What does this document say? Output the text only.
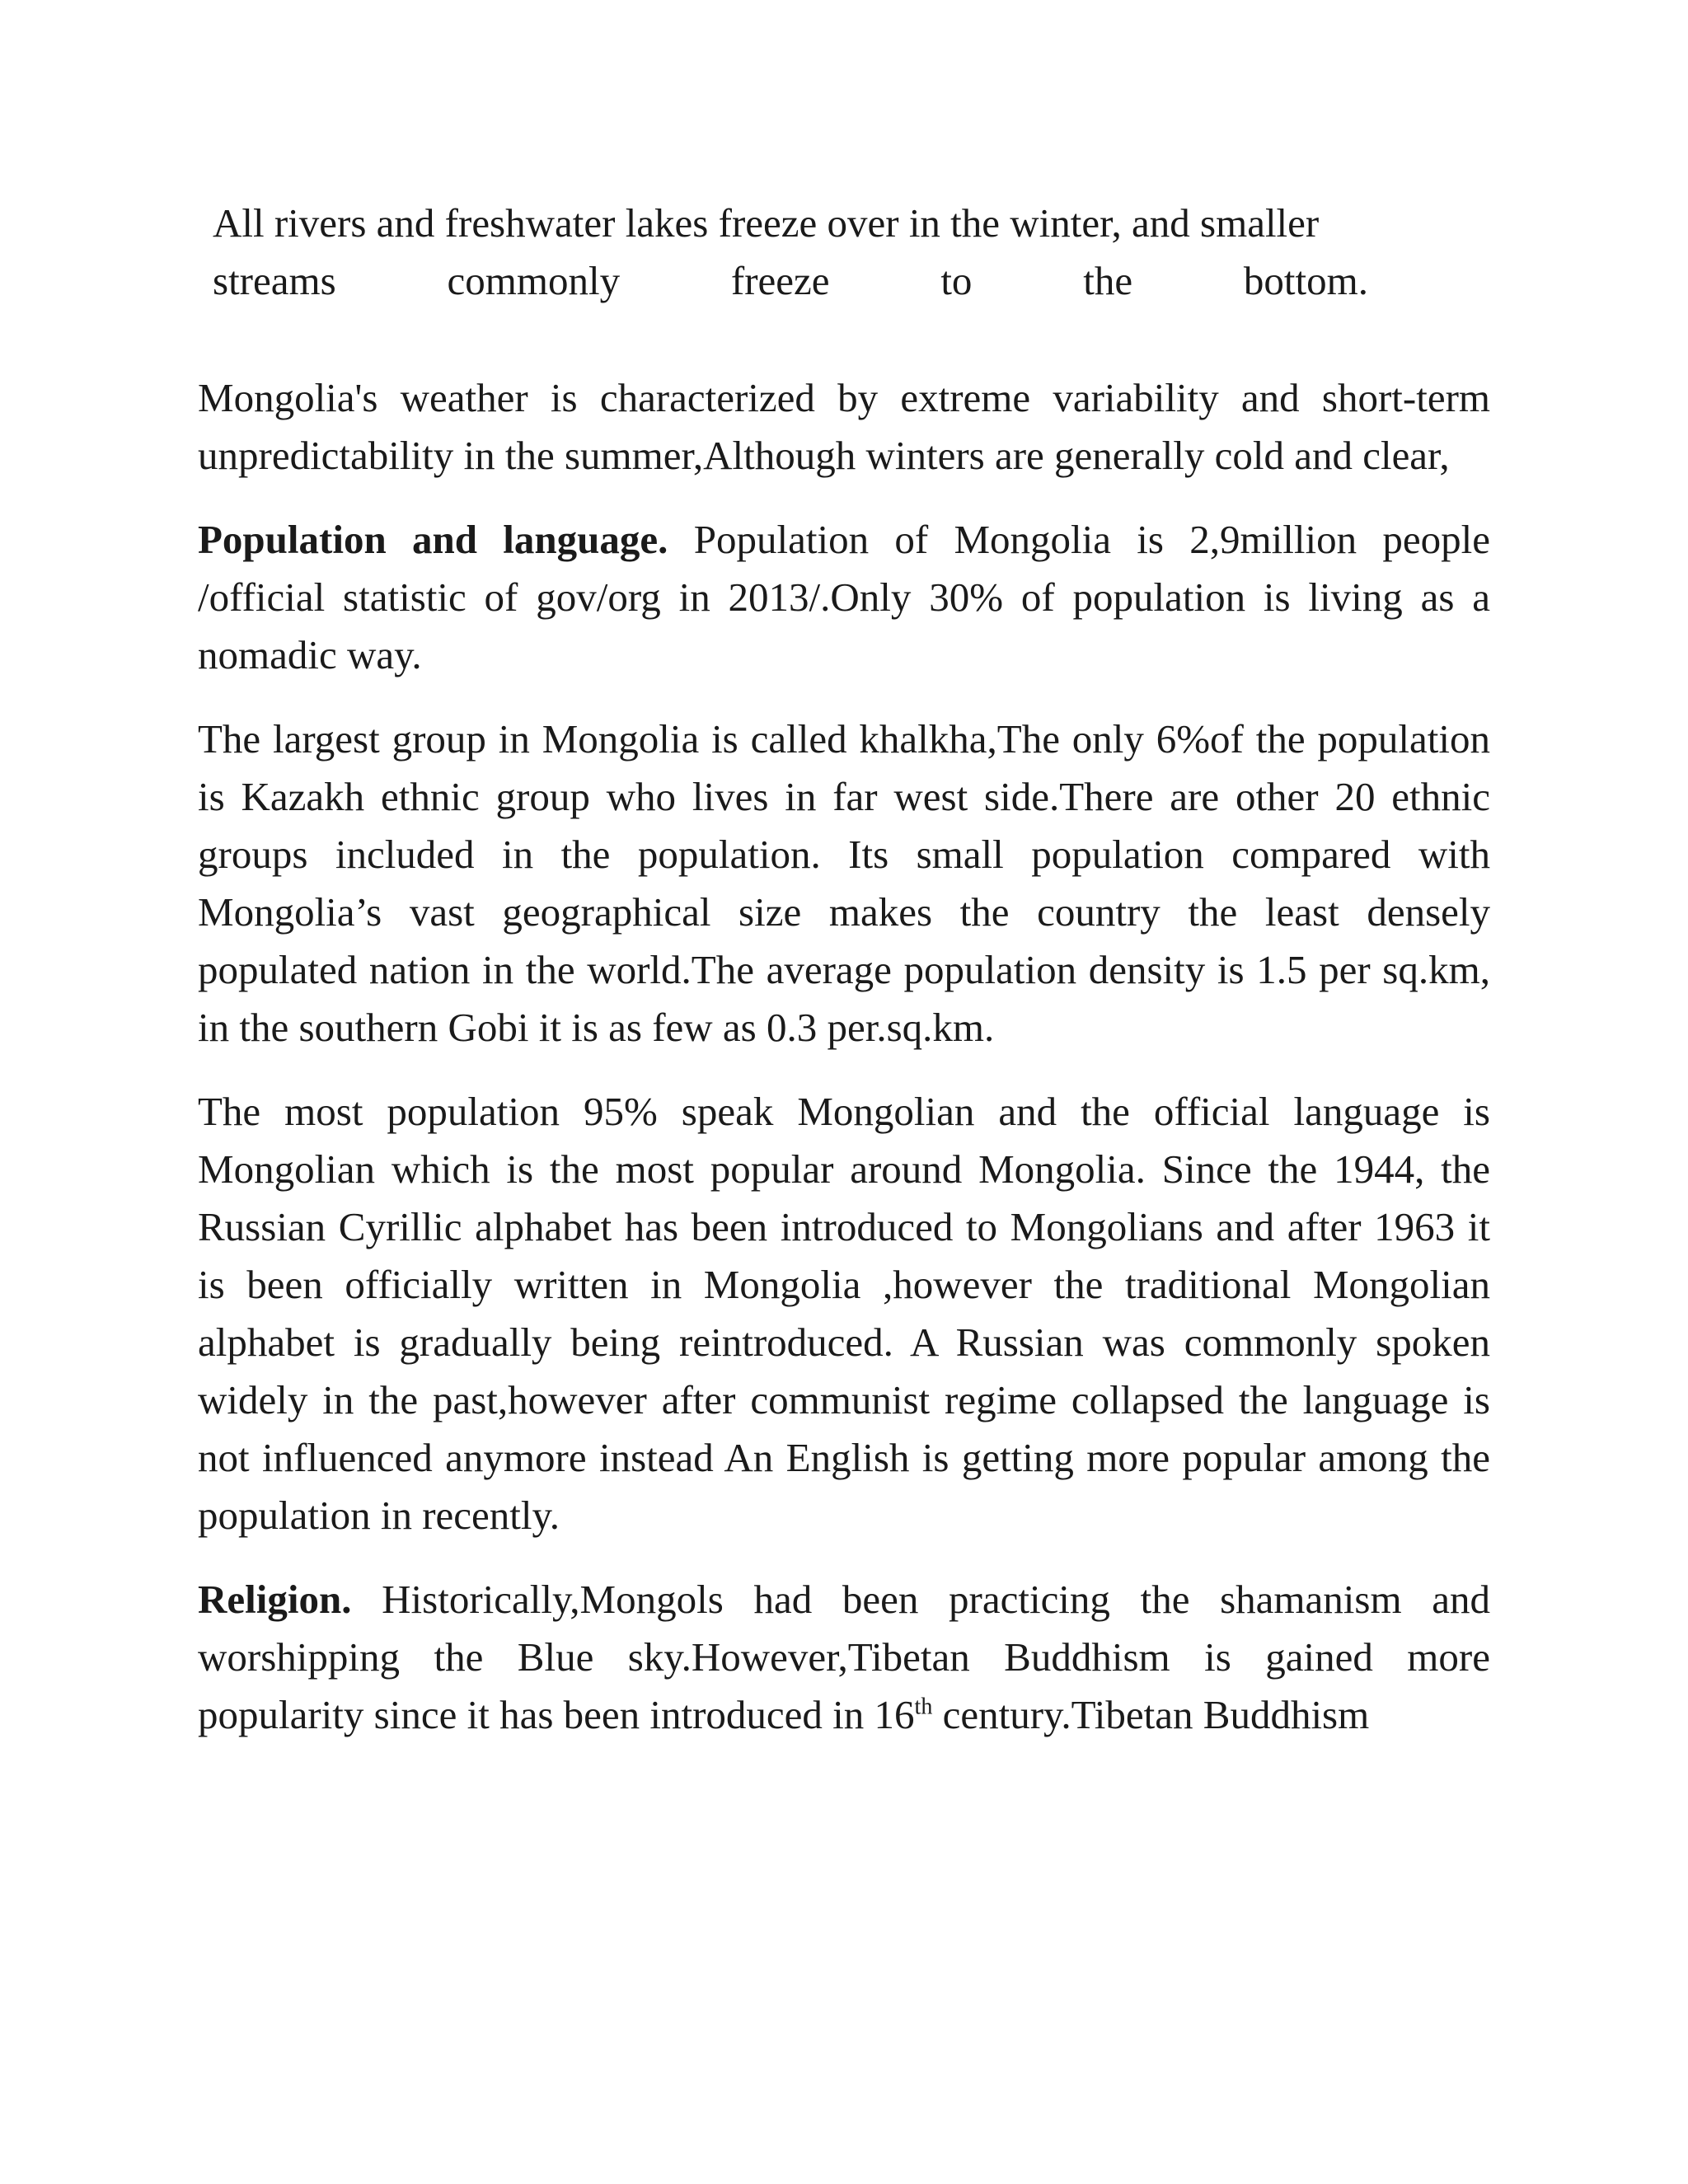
All rivers and freshwater lakes freeze over in the winter, and smaller
streams commonly freeze to the bottom.

Mongolia's weather is characterized by extreme variability and short-term unpredictability in the summer,Although winters are generally cold and clear,

Population and language. Population of Mongolia is 2,9million people /official statistic of gov/org in 2013/.Only 30% of population is living as a nomadic way.

The largest group in Mongolia is called khalkha,The only 6%of the population is Kazakh ethnic group who lives in far west side.There are other 20 ethnic groups included in the population. Its small population compared with Mongolia’s vast geographical size makes the country the least densely populated nation in the world.The average population density is 1.5 per sq.km, in the southern Gobi it is as few as 0.3 per.sq.km.

The most population 95% speak Mongolian and the official language is Mongolian which is the most popular around Mongolia. Since the 1944, the Russian Cyrillic alphabet has been introduced to Mongolians and after 1963 it is been officially written in Mongolia ,however the traditional Mongolian alphabet is gradually being reintroduced. A Russian was commonly spoken widely in the past,however after communist regime collapsed the language is not influenced anymore instead An English is getting more popular among the population in recently.

Religion. Historically,Mongols had been practicing the shamanism and worshipping the Blue sky.However,Tibetan Buddhism is gained more popularity since it has been introduced in 16th century.Tibetan Buddhism
